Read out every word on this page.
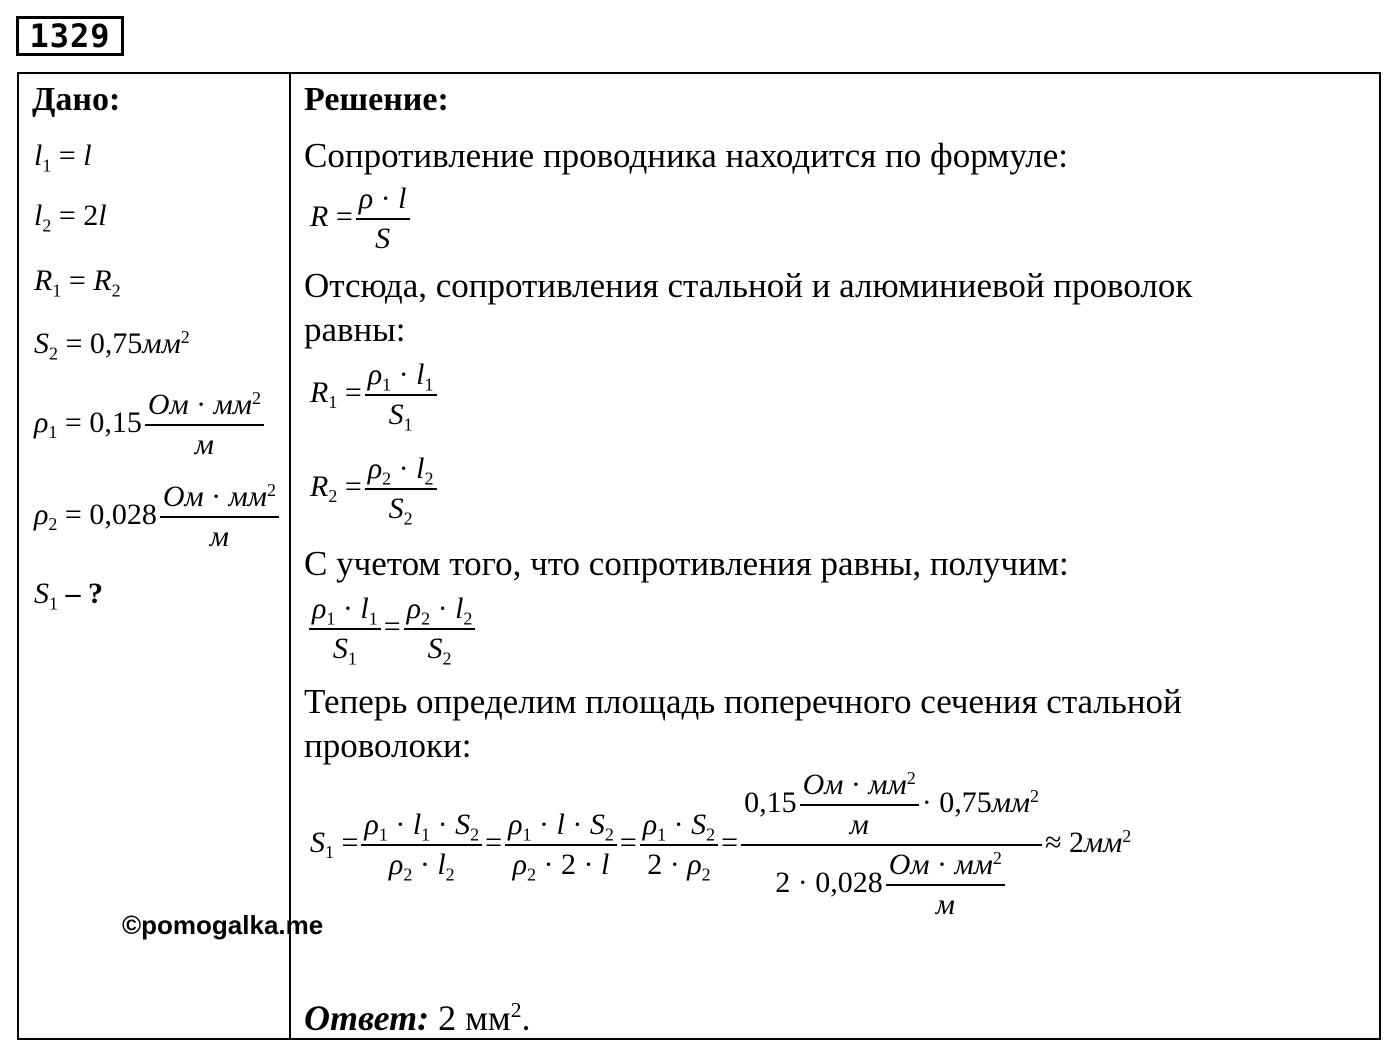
1329
Дано:
$l_1 = l$
$l_2 = 2l$
$R_1 = R_2$
$S_2 = 0,75мм^2$
$\rho_1 = 0,15 \frac{Ом \cdot мм^2}{м}$
$\rho_2 = 0,028 \frac{Ом \cdot мм^2}{м}$
$S_1$ – ?
©pomogalka.me
Решение:
Сопротивление проводника находится по формуле:
$R = \frac{\rho \cdot l}{S}$
Отсюда, сопротивления стальной и алюминиевой проволок
равны:
$R_1 = \frac{\rho_1 \cdot l_1}{S_1}$
$R_2 = \frac{\rho_2 \cdot l_2}{S_2}$
С учетом того, что сопротивления равны, получим:
$\frac{\rho_1 \cdot l_1}{S_1} = \frac{\rho_2 \cdot l_2}{S_2}$
Теперь определим площадь поперечного сечения стальной
проволоки:
$S_1 = \frac{\rho_1 \cdot l_1 \cdot S_2}{\rho_2 \cdot l_2} = \frac{\rho_1 \cdot l \cdot S_2}{\rho_2 \cdot 2 \cdot l} = \frac{\rho_1 \cdot S_2}{2 \cdot \rho_2} = \frac{0,15 \frac{Ом \cdot мм^2}{м} \cdot 0,75мм^2}{2 \cdot 0,028 \frac{Ом \cdot мм^2}{м}} \approx 2мм^2$
Ответ: 2 $мм^2$.
